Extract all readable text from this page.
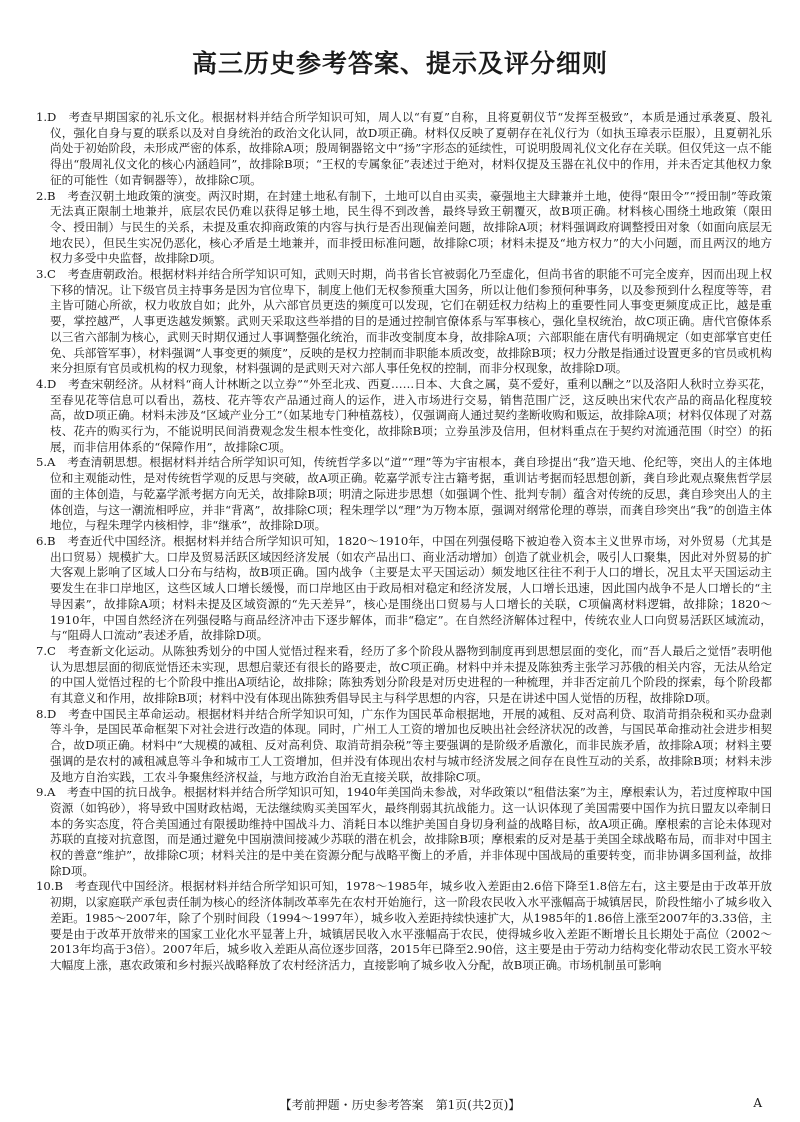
高三历史参考答案、提示及评分细则

1.D　 考查早期国家的礼乐文化。根据材料并结合所学知识可知，周人以“有夏”自称，且将夏朝仪节“发挥至极致”，本质是通过承袭夏、殷礼仪，强化自身与夏的联系以及对自身统治的政治文化认同，故D项正确。材料仅反映了夏朝存在礼仪行为（如执玉璋表示臣服），且夏朝礼乐尚处于初始阶段，未形成严密的体系，故排除A项；殷周铜器铭文中“扬”字形态的延续性，可说明殷周礼仪文化存在关联。但仅凭这一点不能得出“殷周礼仪文化的核心内涵趋同”，故排除B项；“王权的专属象征”表述过于绝对，材料仅提及玉器在礼仪中的作用，并未否定其他权力象征的可能性（如青铜器等），故排除C项。

2.B　 考查汉朝土地政策的演变。两汉时期，在封建土地私有制下，土地可以自由买卖，豪强地主大肆兼并土地，使得“限田令”“授田制”等政策无法真正限制土地兼并，底层农民仍难以获得足够土地，民生得不到改善，最终导致王朝覆灭，故B项正确。材料核心围绕土地政策（限田令、授田制）与民生的关系，未提及重农抑商政策的内容与执行是否出现偏差问题，故排除A项；材料强调政府调整授田对象（如面向底层无地农民），但民生实况仍恶化，核心矛盾是土地兼并，而非授田标准问题，故排除C项；材料未提及“地方权力”的大小问题，而且两汉的地方权力多受中央监督，故排除D项。

3.C　 考查唐朝政治。根据材料并结合所学知识可知，武则天时期，尚书省长官被弱化乃至虚化，但尚书省的职能不可完全废弃，因而出现上权下移的情况。让下级官员主持事务是因为官位卑下，制度上他们无权参预重大国务，所以让他们参预何种事务，以及参预到什么程度等等，君主皆可随心所欲，权力收放自如；此外，从六部官员更迭的频度可以发现，它们在朝廷权力结构上的重要性同人事变更频度成正比，越是重要，掌控越严，人事更迭越发频繁。武则天采取这些举措的目的是通过控制官僚体系与军事核心，强化皇权统治，故C项正确。唐代官僚体系以三省六部制为核心，武则天时期仅通过人事调整强化统治，而非改变制度本身，故排除A项；六部职能在唐代有明确规定（如吏部掌官吏任免、兵部管军事），材料强调“人事变更的频度”，反映的是权力控制而非职能本质改变，故排除B项；权力分散是指通过设置更多的官员或机构来分担原有官员或机构的权力现象，材料强调的是武则天对六部人事任免权的控制，而非分权现象，故排除D项。

4.D　 考查宋朝经济。从材料“商人计林断之以立券”“外至北戎、西夏……日本、大食之属，莫不爱好，重利以酬之”以及洛阳人秋时立券买花，至春见花等信息可以看出，荔枝、花卉等农产品通过商人的运作，进入市场进行交易，销售范围广泛，这反映出宋代农产品的商品化程度较高，故D项正确。材料未涉及“区域产业分工”（如某地专门种植荔枝），仅强调商人通过契约垄断收购和贩运，故排除A项；材料仅体现了对荔枝、花卉的购买行为，不能说明民间消费观念发生根本性变化，故排除B项；立券虽涉及信用，但材料重点在于契约对流通范围（时空）的拓展，而非信用体系的“保障作用”，故排除C项。

5.A　 考查清朝思想。根据材料并结合所学知识可知，传统哲学多以“道”“理”等为宇宙根本，龚自珍提出“我”造天地、伦纪等，突出人的主体地位和主观能动性，是对传统哲学观的反思与突破，故A项正确。乾嘉学派专注古籍考据，重训诂考据而轻思想创新，龚自珍此观点聚焦哲学层面的主体创造，与乾嘉学派考据方向无关，故排除B项；明清之际进步思想（如强调个性、批判专制）蕴含对传统的反思，龚自珍突出人的主体创造，与这一潮流相呼应，并非“背离”，故排除C项；程朱理学以“理”为万物本原，强调对纲常伦理的尊崇，而龚自珍突出“我”的创造主体地位，与程朱理学内核相悖，非“继承”，故排除D项。

6.B　 考查近代中国经济。根据材料并结合所学知识可知，1820～1910年，中国在列强侵略下被迫卷入资本主义世界市场，对外贸易（尤其是出口贸易）规模扩大。口岸及贸易活跃区域因经济发展（如农产品出口、商业活动增加）创造了就业机会，吸引人口聚集，因此对外贸易的扩大客观上影响了区域人口分布与结构，故B项正确。国内战争（主要是太平天国运动）频发地区往往不利于人口的增长，况且太平天国运动主要发生在非口岸地区，这些区域人口增长缓慢，而口岸地区由于政局相对稳定和经济发展，人口增长迅速，因此国内战争不是人口增长的“主导因素”，故排除A项；材料未提及区域资源的“先天差异”，核心是围绕出口贸易与人口增长的关联，C项偏离材料逻辑，故排除；1820～1910年，中国自然经济在列强侵略与商品经济冲击下逐步解体，而非“稳定”。在自然经济解体过程中，传统农业人口向贸易活跃区域流动，与“阻碍人口流动”表述矛盾，故排除D项。

7.C　 考查新文化运动。从陈独秀划分的中国人觉悟过程来看，经历了多个阶段从器物到制度再到思想层面的变化，而“吾人最后之觉悟”表明他认为思想层面的彻底觉悟还未实现，思想启蒙还有很长的路要走，故C项正确。材料中并未提及陈独秀主张学习苏俄的相关内容，无法从给定的中国人觉悟过程的七个阶段中推出A项结论，故排除；陈独秀划分阶段是对历史进程的一种梳理，并非否定前几个阶段的探索，每个阶段都有其意义和作用，故排除B项；材料中没有体现出陈独秀倡导民主与科学思想的内容，只是在讲述中国人觉悟的历程，故排除D项。

8.D　 考查中国民主革命运动。根据材料并结合所学知识可知，广东作为国民革命根据地，开展的减租、反对高利贷、取消苛捐杂税和买办盘剥等斗争，是国民革命框架下对社会进行改造的体现。同时，广州工人工资的增加也反映出社会经济状况的改善，与国民革命推动社会进步相契合，故D项正确。材料中“大规模的减租、反对高利贷、取消苛捐杂税”等主要强调的是阶级矛盾激化，而非民族矛盾，故排除A项；材料主要强调的是农村的减租减息等斗争和城市工人工资增加，但并没有体现出农村与城市经济发展之间存在良性互动的关系，故排除B项；材料未涉及地方自治实践，工农斗争聚焦经济权益，与地方政治自治无直接关联，故排除C项。

9.A　 考查中国的抗日战争。根据材料并结合所学知识可知，1940年美国尚未参战，对华政策以“租借法案”为主，摩根索认为，若过度榨取中国资源（如钨砂），将导致中国财政枯竭，无法继续购买美国军火，最终削弱其抗战能力。这一认识体现了美国需要中国作为抗日盟友以牵制日本的务实态度，符合美国通过有限援助维持中国战斗力、消耗日本以维护美国自身切身利益的战略目标，故A项正确。摩根索的言论未体现对苏联的直接对抗意图，而是通过避免中国崩溃间接减少苏联的潜在机会，故排除B项；摩根索的反对是基于美国全球战略布局，而非对中国主权的善意“维护”，故排除C项；材料关注的是中美在资源分配与战略平衡上的矛盾，并非体现中国战局的重要转变，而非协调多国利益，故排除D项。

10.B　 考查现代中国经济。根据材料并结合所学知识可知，1978～1985年，城乡收入差距由2.6倍下降至1.8倍左右，这主要是由于改革开放初期，以家庭联产承包责任制为核心的经济体制改革率先在农村开始施行，这一阶段农民收入水平涨幅高于城镇居民，阶段性缩小了城乡收入差距。1985～2007年，除了个别时间段（1994～1997年），城乡收入差距持续快速扩大，从1985年的1.86倍上涨至2007年的3.33倍，主要是由于改革开放带来的国家工业化水平显著上升，城镇居民收入水平涨幅高于农民，使得城乡收入差距不断增长且长期处于高位（2002～2013年均高于3倍）。2007年后，城乡收入差距从高位逐步回落，2015年已降至2.90倍，这主要是由于劳动力结构变化带动农民工资水平较大幅度上涨，惠农政策和乡村振兴战略释放了农村经济活力，直接影响了城乡收入分配，故B项正确。市场机制虽可影响

【考前押题・历史参考答案　第1页(共2页)】	A
